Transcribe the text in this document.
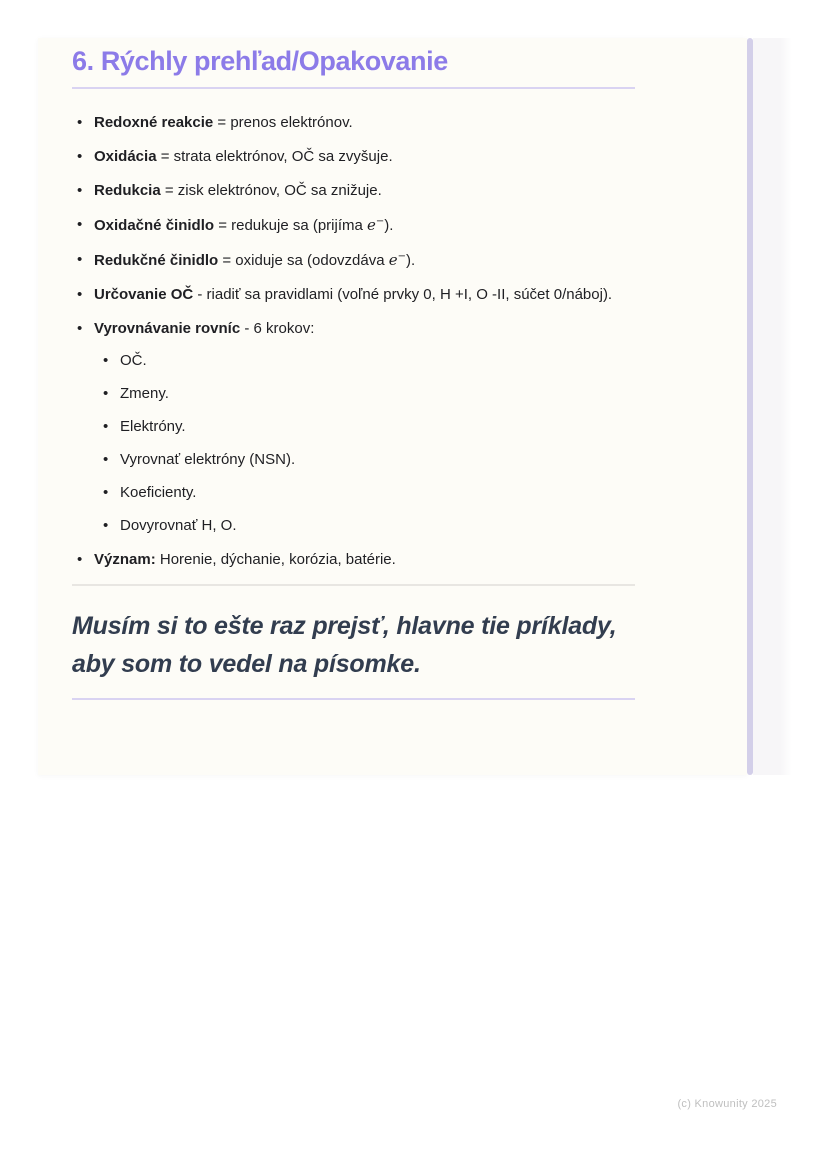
6. Rýchly prehľad/Opakovanie
• Redoxné reakcie = prenos elektrónov.
• Oxidácia = strata elektrónov, OČ sa zvyšuje.
• Redukcia = zisk elektrónov, OČ sa znižuje.
• Oxidačné činidlo = redukuje sa (prijíma e−).
• Redukčné činidlo = oxiduje sa (odovzdáva e−).
• Určovanie OČ - riadiť sa pravidlami (voľné prvky 0, H +I, O -II, súčet 0/náboj).
• Vyrovnávanie rovníc - 6 krokov:
• OČ.
• Zmeny.
• Elektróny.
• Vyrovnať elektróny (NSN).
• Koeficienty.
• Dovyrovnať H, O.
• Význam: Horenie, dýchanie, korózia, batérie.

Musím si to ešte raz prejsť, hlavne tie príklady, aby som to vedel na písomke.

(c) Knowunity 2025
